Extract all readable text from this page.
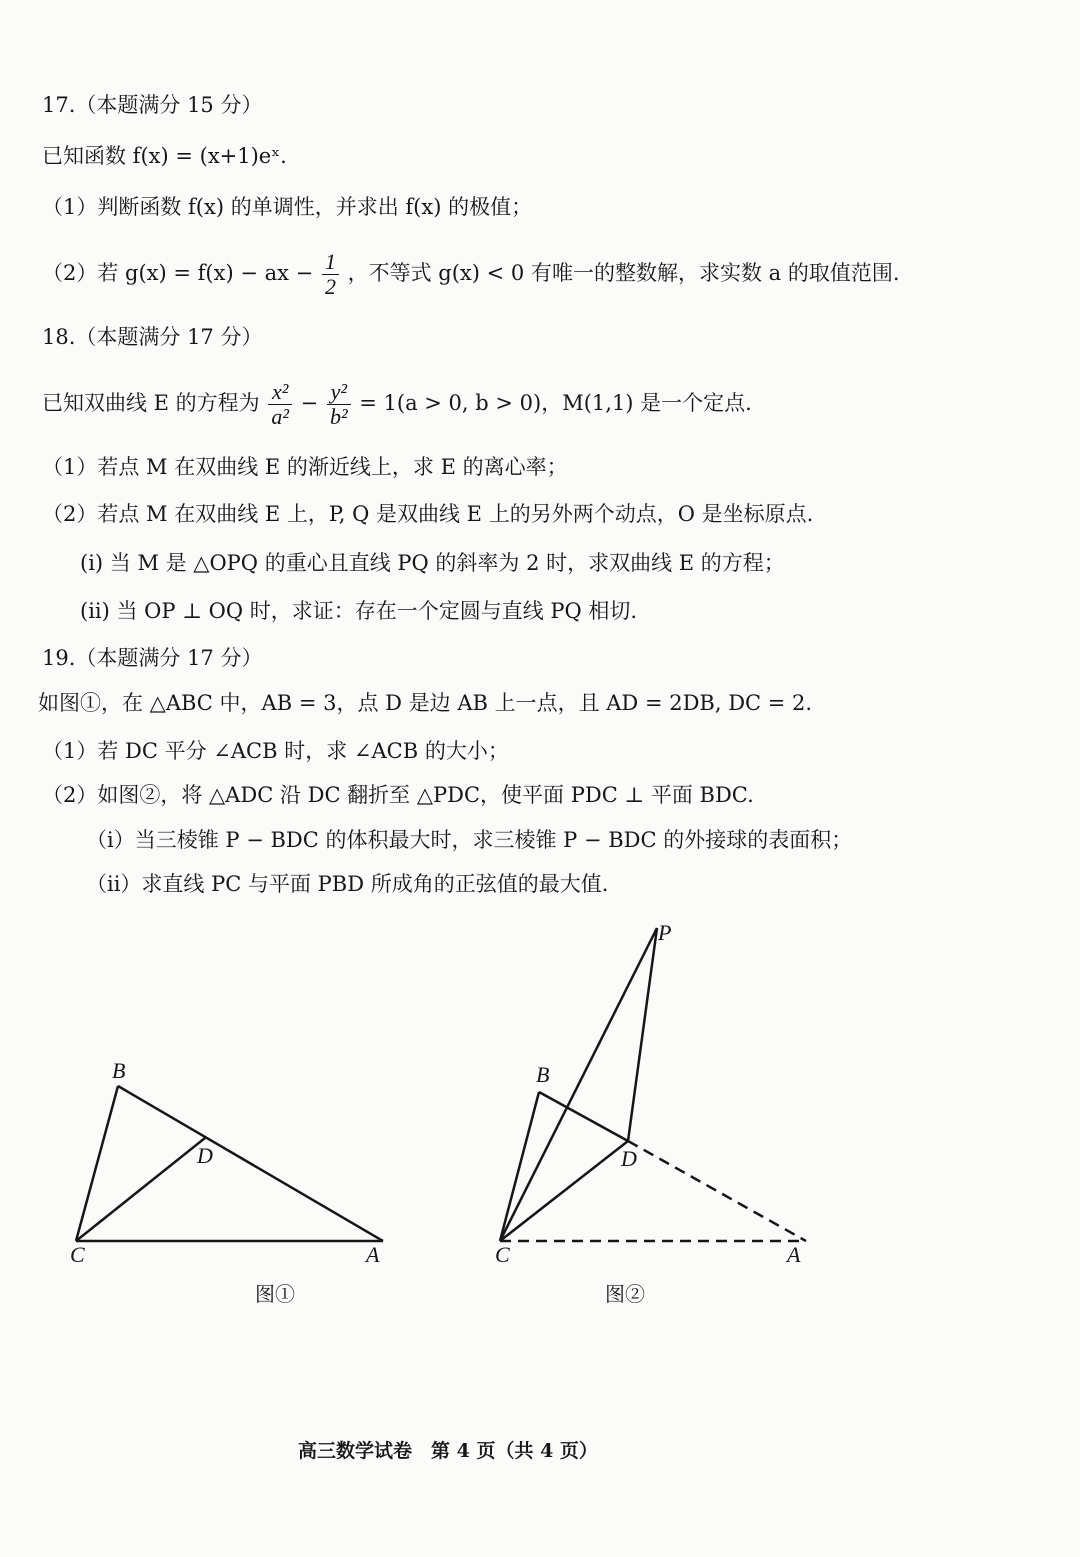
17.（本题满分 15 分）
已知函数 f(x) = (x+1)eˣ.
（1）判断函数 f(x) 的单调性，并求出 f(x) 的极值；
（2）若 g(x) = f(x) − ax − $\frac{1}{2}$ ，不等式 g(x) < 0 有唯一的整数解，求实数 a 的取值范围.
18.（本题满分 17 分）
已知双曲线 E 的方程为 $\frac{\text{x²}}{\text{a²}} - \frac{\text{y²}}{\text{b²}} = 1(a > 0$, b > 0)，M(1,1) 是一个定点.
（1）若点 M 在双曲线 E 的渐近线上，求 E 的离心率；
（2）若点 M 在双曲线 E 上，P, Q 是双曲线 E 上的另外两个动点，O 是坐标原点.
(i) 当 M 是 △OPQ 的重心且直线 PQ 的斜率为 2 时，求双曲线 E 的方程；
(ii) 当 OP ⊥ OQ 时，求证：存在一个定圆与直线 PQ 相切.
19.（本题满分 17 分）
如图①，在 △ABC 中，AB = 3，点 D 是边 AB 上一点，且 AD = 2DB, DC = 2.
（1）若 DC 平分 ∠ACB 时，求 ∠ACB 的大小；
（2）如图②，将 △ADC 沿 DC 翻折至 △PDC，使平面 PDC ⊥ 平面 BDC.
（i）当三棱锥 P − BDC 的体积最大时，求三棱锥 P − BDC 的外接球的表面积；
（ii）求直线 PC 与平面 PBD 所成角的正弦值的最大值.
B
D
C	A
P
B
D
C	A
图①	图②
高三数学试卷　第 4 页（共 4 页）
